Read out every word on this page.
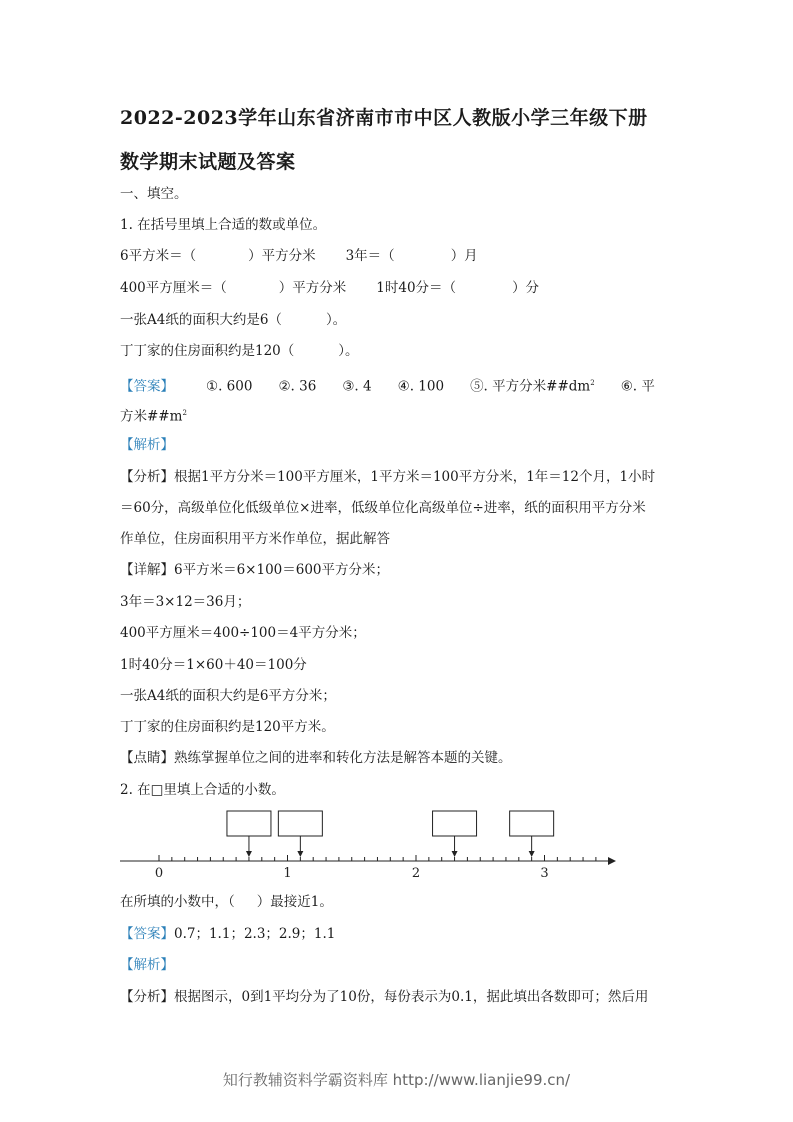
2022-2023学年山东省济南市市中区人教版小学三年级下册
数学期末试题及答案
一、填空。
1. 在括号里填上合适的数或单位。
6平方米＝（	）平方分米 3年＝（	）月
400平方厘米＝（	）平方分米 1时40分＝（	）分
一张A4纸的面积大约是6（	）。
丁丁家的住房面积约是120（	）。
【答案】 ①. 600 ②. 36 ③. 4 ④. 100 ⑤. 平方分米$\#\#dm^2$ ⑥. 平
方米$\#\#m^2$
【解析】
【分析】根据1平方分米＝100平方厘米，1平方米＝100平方分米，1年＝12个月，1小时
＝60分，高级单位化低级单位×进率，低级单位化高级单位÷进率，纸的面积用平方分米
作单位，住房面积用平方米作单位，据此解答
【详解】6平方米＝6×100＝600平方分米；
3年＝3×12＝36月；
400平方厘米＝400÷100＝4平方分米；
1时40分＝1×60＋40＝100分
一张A4纸的面积大约是6平方分米；
丁丁家的住房面积约是120平方米。
【点睛】熟练掌握单位之间的进率和转化方法是解答本题的关键。
2. 在□里填上合适的小数。
0	1	2	3
在所填的小数中，（ ）最接近1。
【答案】0.7；1.1；2.3；2.9；1.1
【解析】
【分析】根据图示，0到1平均分为了10份，每份表示为0.1，据此填出各数即可；然后用
知行教辅资料学霸资料库 http://www.lianjie99.cn/
